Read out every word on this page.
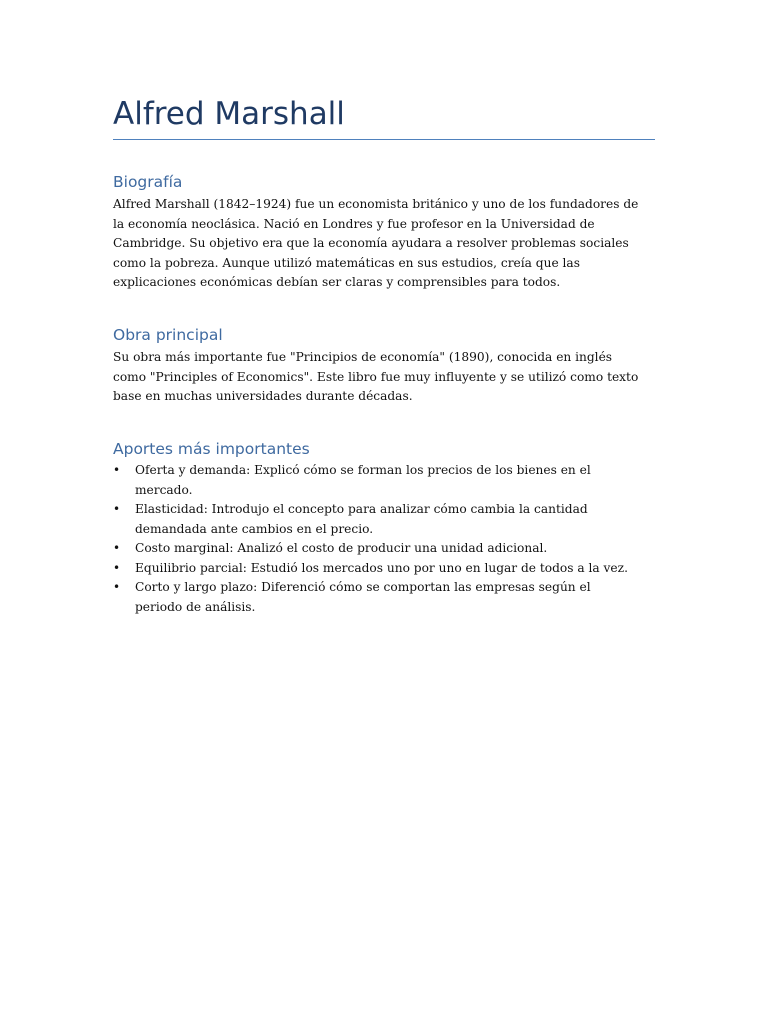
Alfred Marshall
Biografía

Alfred Marshall (1842–1924) fue un economista británico y uno de los fundadores de la economía neoclásica. Nació en Londres y fue profesor en la Universidad de Cambridge. Su objetivo era que la economía ayudara a resolver problemas sociales como la pobreza. Aunque utilizó matemáticas en sus estudios, creía que las explicaciones económicas debían ser claras y comprensibles para todos.

Obra principal

Su obra más importante fue "Principios de economía" (1890), conocida en inglés como "Principles of Economics". Este libro fue muy influyente y se utilizó como texto base en muchas universidades durante décadas.

Aportes más importantes
• Oferta y demanda: Explicó cómo se forman los precios de los bienes en el mercado.
• Elasticidad: Introdujo el concepto para analizar cómo cambia la cantidad demandada ante cambios en el precio.
• Costo marginal: Analizó el costo de producir una unidad adicional.
• Equilibrio parcial: Estudió los mercados uno por uno en lugar de todos a la vez.
• Corto y largo plazo: Diferenció cómo se comportan las empresas según el periodo de análisis.
